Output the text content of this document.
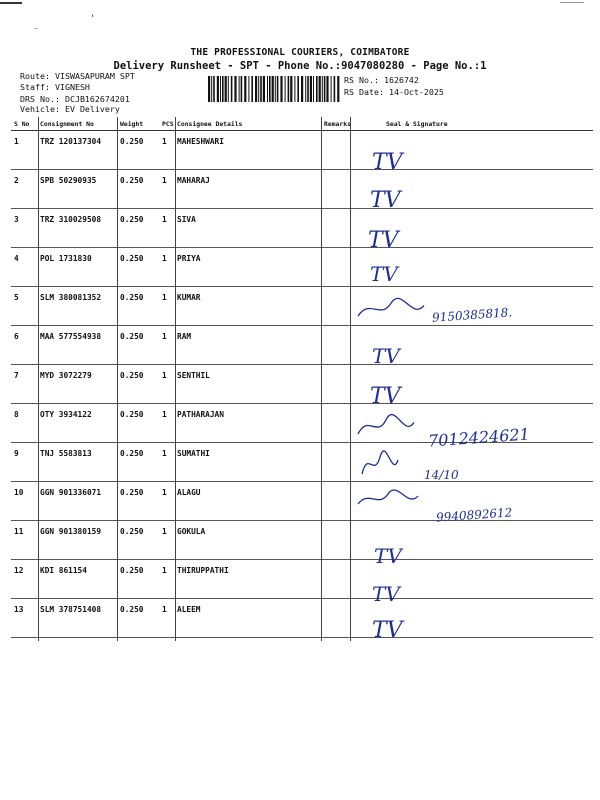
THE PROFESSIONAL COURIERS, COIMBATORE
Delivery Runsheet - SPT - Phone No.:9047080280 - Page No.:1
Route: VISWASAPURAM SPT
Staff: VIGNESH
DRS No.: DCJB162674201
Vehicle: EV Delivery
RS No.: 1626742
RS Date: 14-Oct-2025
S No	Consignment No	Weight	PCS	Consignee Details	Remarks	Seal & Signature
1	TRZ 120137304	0.250	1	MAHESHWARI		
2	SPB 50290935	0.250	1	MAHARAJ		
3	TRZ 310029508	0.250	1	SIVA		
4	POL 1731830	0.250	1	PRIYA		
5	SLM 380081352	0.250	1	KUMAR		
6	MAA 577554938	0.250	1	RAM		
7	MYD 3072279	0.250	1	SENTHIL		
8	OTY 3934122	0.250	1	PATHARAJAN		
9	TNJ 5583813	0.250	1	SUMATHI		
10	GGN 901336071	0.250	1	ALAGU		
11	GGN 901380159	0.250	1	GOKULA		
12	KDI 861154	0.250	1	THIRUPPATHI		
13	SLM 378751408	0.250	1	ALEEM		
⁻
'
TV
TV
TV
TV
9150385818.
TV
TV
7012424621
14/10
9940892612
TV
TV
TV
